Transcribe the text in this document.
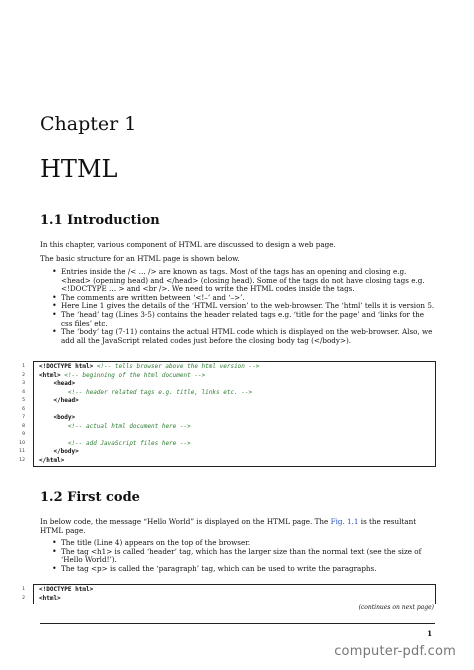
Chapter 1
HTML
1.1 Introduction
In this chapter, various component of HTML are discussed to design a web page.
The basic structure for an HTML page is shown below.
• Entries inside the /< … /> are known as tags. Most of the tags has an opening and closing e.g. <head> (opening head) and </head> (closing head). Some of the tags do not have closing tags e.g. <!DOCTYPE … > and <br />. We need to write the HTML codes inside the tags.
• The comments are written between ‘<!–’ and ‘–>’.
• Here Line 1 gives the details of the ‘HTML version’ to the web-browser. The ‘html’ tells it is version 5.
• The ‘head’ tag (Lines 3-5) contains the header related tags e.g. ‘title for the page’ and ‘links for the css files’ etc.
• The ‘body’ tag (7-11) contains the actual HTML code which is displayed on the web-browser. Also, we add all the JavaScript related codes just before the closing body tag (</body>).
1 <!DOCTYPE html> <!-- tells browser above the html version -->
2 <html> <!-- beginning of the html document -->
3	<head>
4	<!-- header related tags e.g. title, links etc. -->
5	</head>
6
7	<body>
8	<!-- actual html document here -->
9
10	<!-- add JavaScript files here -->
11	</body>
12 </html>
1.2 First code
In below code, the message “Hello World” is displayed on the HTML page. The Fig. 1.1 is the resultant HTML page.
• The title (Line 4) appears on the top of the browser.
• The tag <h1> is called ‘header’ tag, which has the larger size than the normal text (see the size of ‘Hello World!’).
• The tag <p> is called the ‘paragraph’ tag, which can be used to write the paragraphs.
1 <!DOCTYPE html>
2 <html>
(continues on next page)
1
computer-pdf.com
